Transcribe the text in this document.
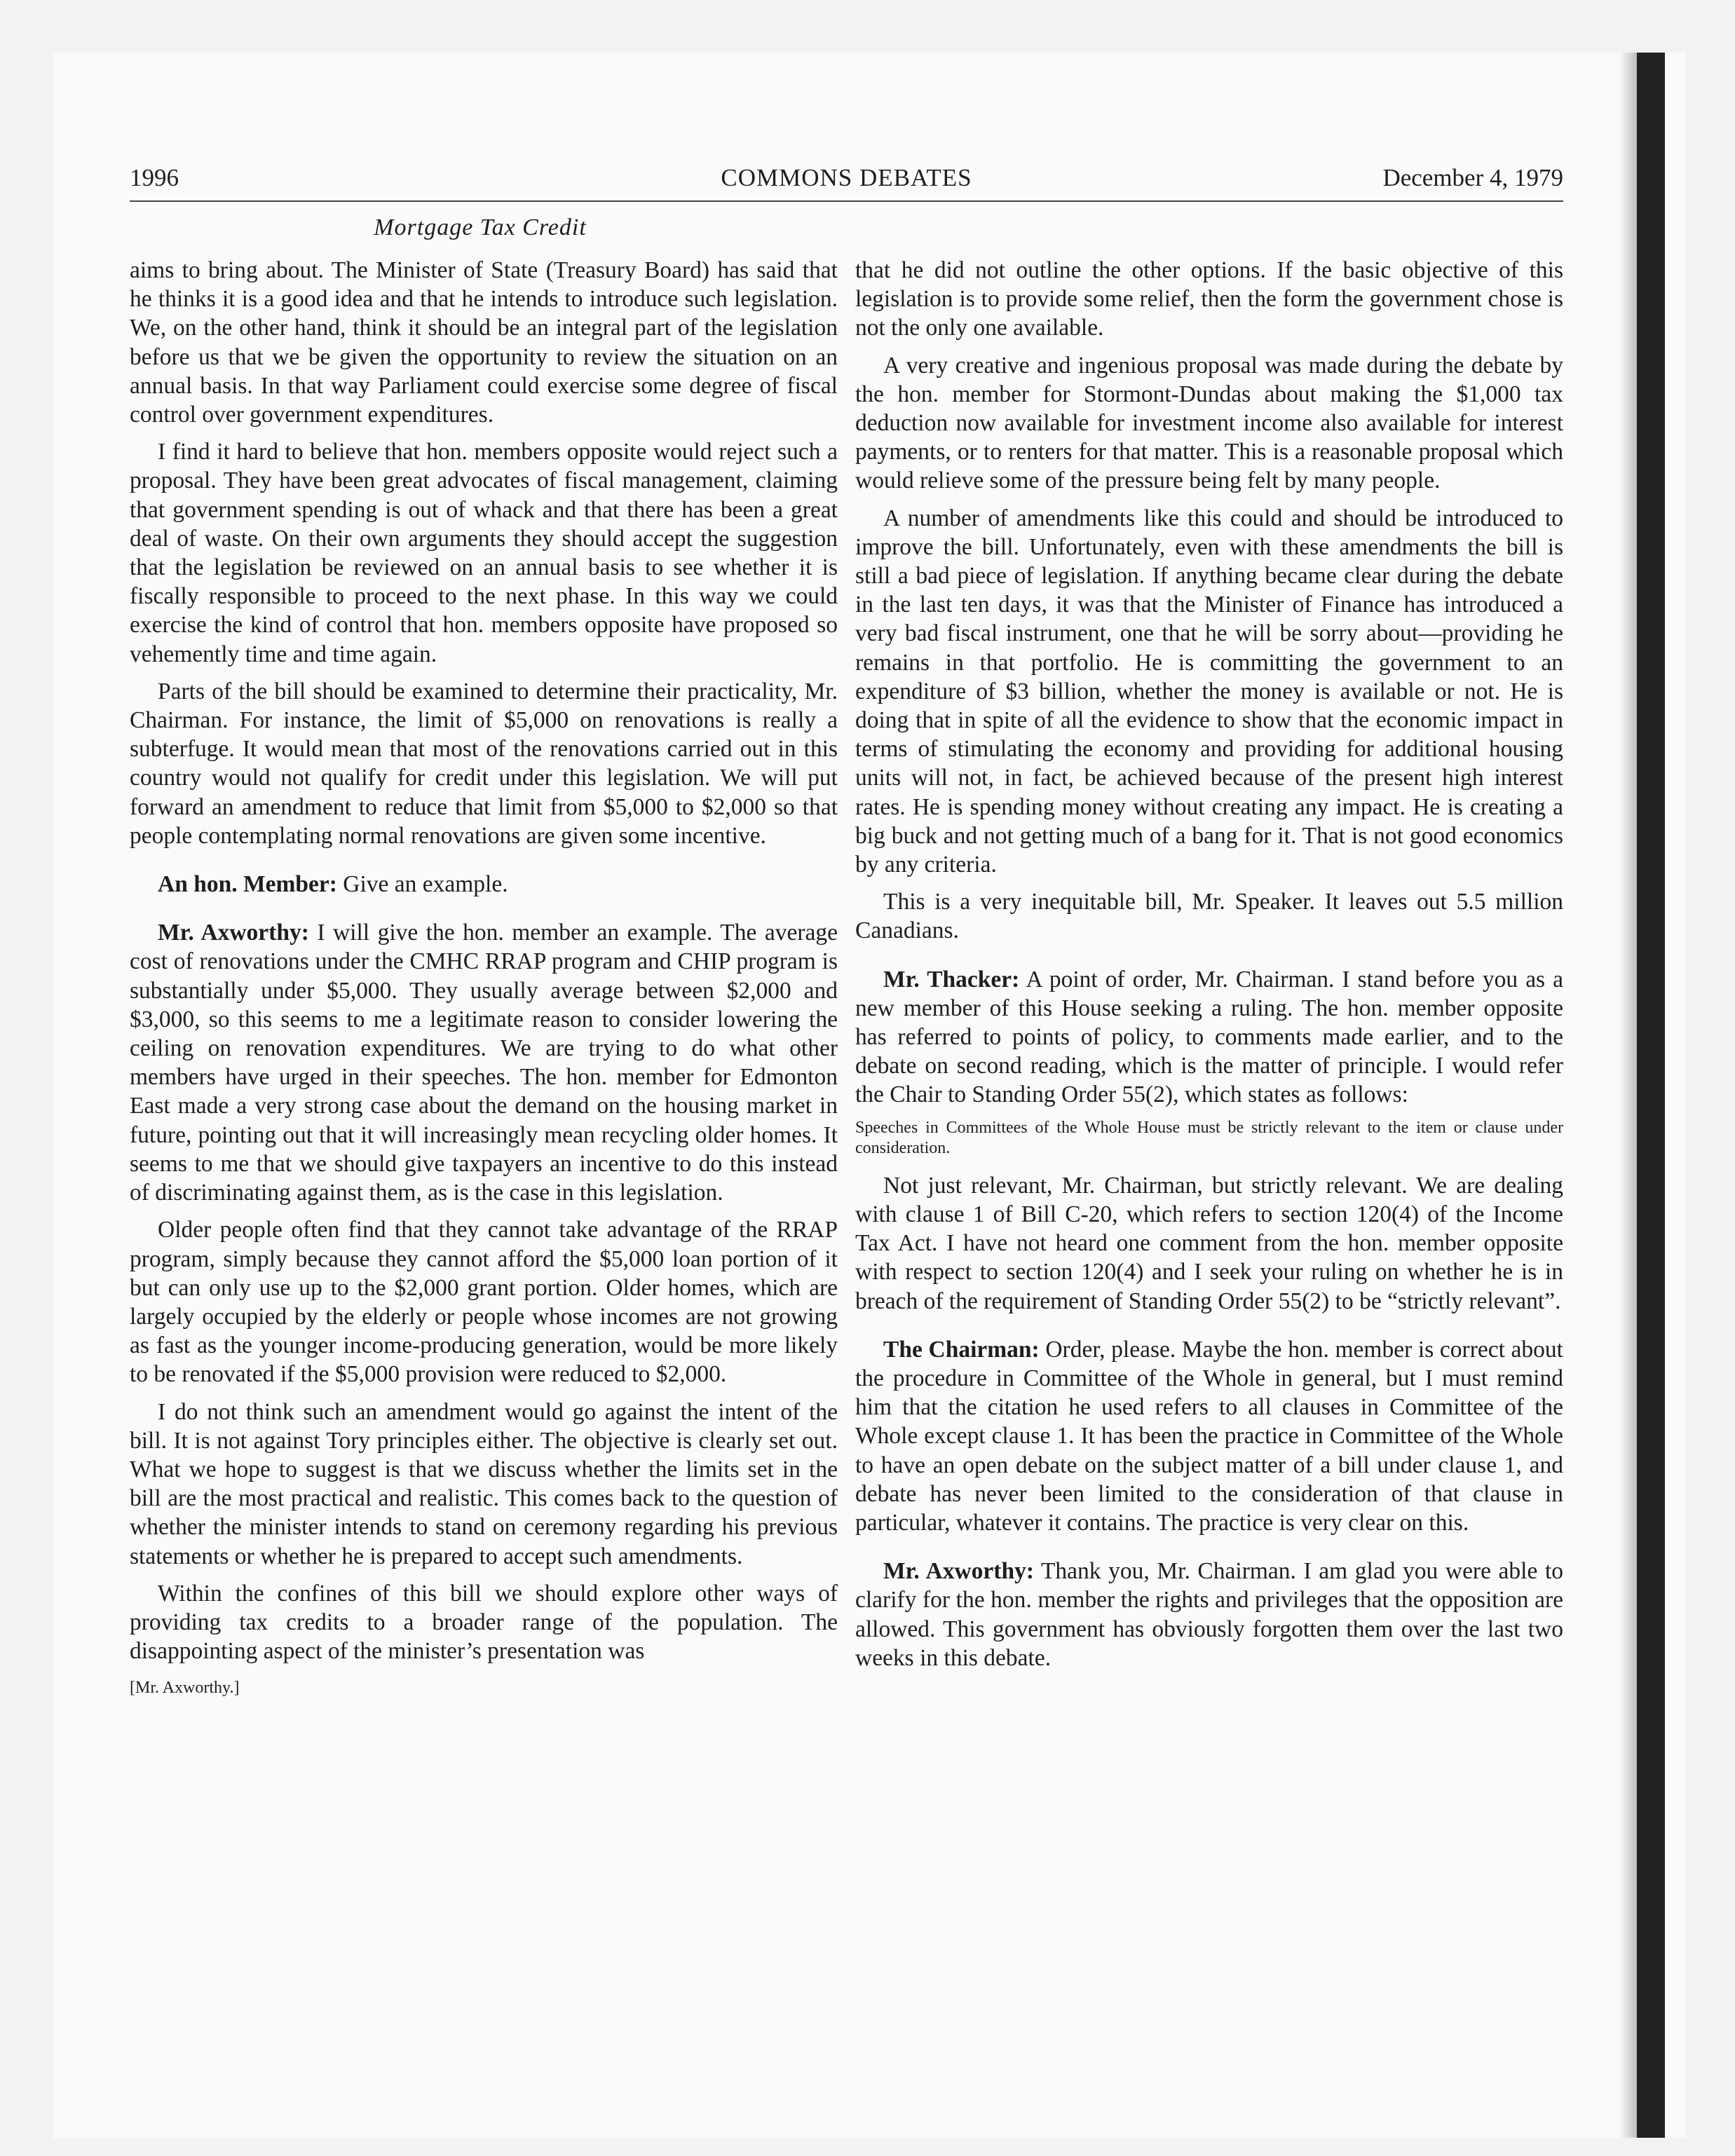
1996	COMMONS DEBATES	December 4, 1979
Mortgage Tax Credit

aims to bring about. The Minister of State (Treasury Board) has said that he thinks it is a good idea and that he intends to introduce such legislation. We, on the other hand, think it should be an integral part of the legislation before us that we be given the opportunity to review the situation on an annual basis. In that way Parliament could exercise some degree of fiscal control over government expenditures.

I find it hard to believe that hon. members opposite would reject such a proposal. They have been great advocates of fiscal management, claiming that government spending is out of whack and that there has been a great deal of waste. On their own arguments they should accept the suggestion that the legislation be reviewed on an annual basis to see whether it is fiscally responsible to proceed to the next phase. In this way we could exercise the kind of control that hon. members opposite have proposed so vehemently time and time again.

Parts of the bill should be examined to determine their practicality, Mr. Chairman. For instance, the limit of $5,000 on renovations is really a subterfuge. It would mean that most of the renovations carried out in this country would not qualify for credit under this legislation. We will put forward an amendment to reduce that limit from $5,000 to $2,000 so that people contemplating normal renovations are given some incentive.

An hon. Member: Give an example.

Mr. Axworthy: I will give the hon. member an example. The average cost of renovations under the CMHC RRAP program and CHIP program is substantially under $5,000. They usually average between $2,000 and $3,000, so this seems to me a legitimate reason to consider lowering the ceiling on renovation expenditures. We are trying to do what other members have urged in their speeches. The hon. member for Edmonton East made a very strong case about the demand on the housing market in future, pointing out that it will increasingly mean recycling older homes. It seems to me that we should give taxpayers an incentive to do this instead of discriminating against them, as is the case in this legislation.

Older people often find that they cannot take advantage of the RRAP program, simply because they cannot afford the $5,000 loan portion of it but can only use up to the $2,000 grant portion. Older homes, which are largely occupied by the elderly or people whose incomes are not growing as fast as the younger income-producing generation, would be more likely to be renovated if the $5,000 provision were reduced to $2,000.

I do not think such an amendment would go against the intent of the bill. It is not against Tory principles either. The objective is clearly set out. What we hope to suggest is that we discuss whether the limits set in the bill are the most practical and realistic. This comes back to the question of whether the minister intends to stand on ceremony regarding his previous statements or whether he is prepared to accept such amendments.

Within the confines of this bill we should explore other ways of providing tax credits to a broader range of the population. The disappointing aspect of the minister’s presentation was

[Mr. Axworthy.]

that he did not outline the other options. If the basic objective of this legislation is to provide some relief, then the form the government chose is not the only one available.

A very creative and ingenious proposal was made during the debate by the hon. member for Stormont-Dundas about making the $1,000 tax deduction now available for investment income also available for interest payments, or to renters for that matter. This is a reasonable proposal which would relieve some of the pressure being felt by many people.

A number of amendments like this could and should be introduced to improve the bill. Unfortunately, even with these amendments the bill is still a bad piece of legislation. If anything became clear during the debate in the last ten days, it was that the Minister of Finance has introduced a very bad fiscal instrument, one that he will be sorry about—providing he remains in that portfolio. He is committing the government to an expenditure of $3 billion, whether the money is available or not. He is doing that in spite of all the evidence to show that the economic impact in terms of stimulating the economy and providing for additional housing units will not, in fact, be achieved because of the present high interest rates. He is spending money without creating any impact. He is creating a big buck and not getting much of a bang for it. That is not good economics by any criteria.

This is a very inequitable bill, Mr. Speaker. It leaves out 5.5 million Canadians.

Mr. Thacker: A point of order, Mr. Chairman. I stand before you as a new member of this House seeking a ruling. The hon. member opposite has referred to points of policy, to comments made earlier, and to the debate on second reading, which is the matter of principle. I would refer the Chair to Standing Order 55(2), which states as follows:

Speeches in Committees of the Whole House must be strictly relevant to the item or clause under consideration.

Not just relevant, Mr. Chairman, but strictly relevant. We are dealing with clause 1 of Bill C-20, which refers to section 120(4) of the Income Tax Act. I have not heard one comment from the hon. member opposite with respect to section 120(4) and I seek your ruling on whether he is in breach of the requirement of Standing Order 55(2) to be “strictly relevant”.

The Chairman: Order, please. Maybe the hon. member is correct about the procedure in Committee of the Whole in general, but I must remind him that the citation he used refers to all clauses in Committee of the Whole except clause 1. It has been the practice in Committee of the Whole to have an open debate on the subject matter of a bill under clause 1, and debate has never been limited to the consideration of that clause in particular, whatever it contains. The practice is very clear on this.

Mr. Axworthy: Thank you, Mr. Chairman. I am glad you were able to clarify for the hon. member the rights and privileges that the opposition are allowed. This government has obviously forgotten them over the last two weeks in this debate.
